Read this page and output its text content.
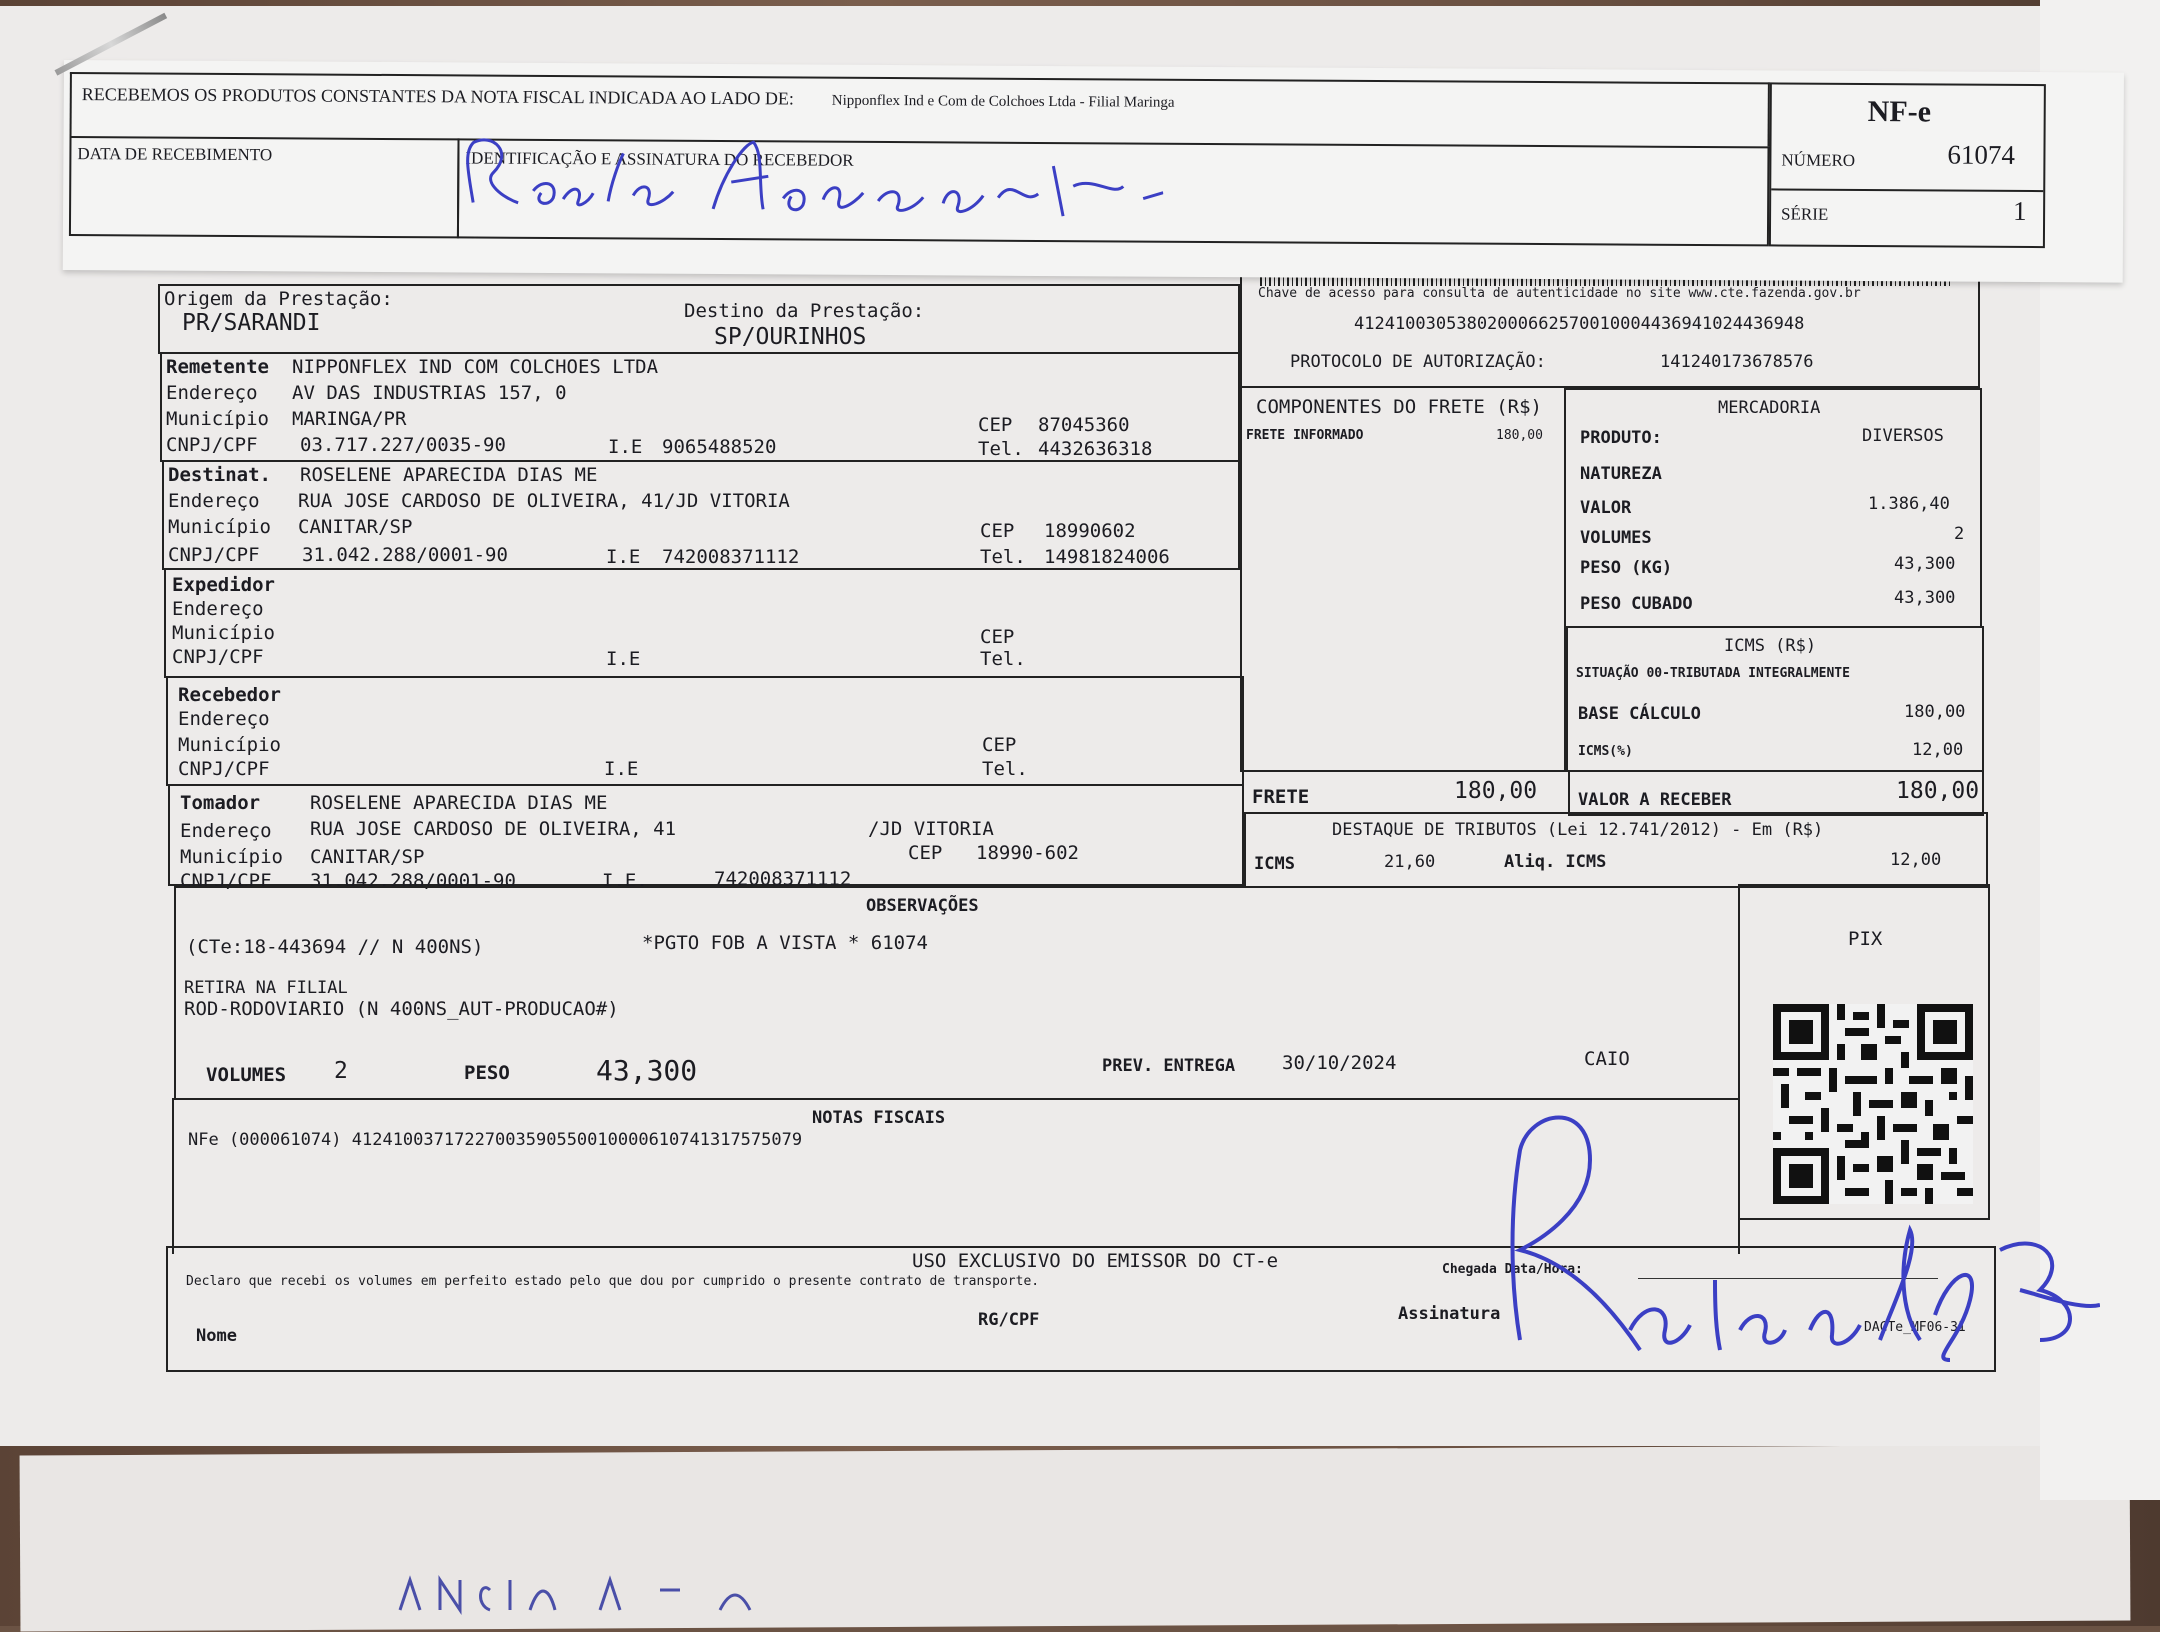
Chave de acesso para consulta de autenticidade no site www.cte.fazenda.gov.br
41241003053802000662570010004436941024436948
PROTOCOLO DE AUTORIZAÇÃO:	141240173678576
Origem da Prestação:
PR/SARANDI	Destino da Prestação:
SP/OURINHOS
Remetente NIPPONFLEX IND COM COLCHOES LTDA
Endereço AV DAS INDUSTRIAS 157, 0
Município MARINGA/PR
CNPJ/CPF 03.717.227/0035-90	I.E 9065488520
CEP 87045360
Tel. 4432636318
Destinat. ROSELENE APARECIDA DIAS ME
Endereço RUA JOSE CARDOSO DE OLIVEIRA, 41/JD VITORIA
Município CANITAR/SP
CNPJ/CPF 31.042.288/0001-90	I.E 742008371112
CEP 18990602
Tel. 14981824006
Expedidor
Endereço
Município
CNPJ/CPF	I.E
CEP
Tel.
Recebedor
Endereço
Município
CNPJ/CPF	I.E
CEP
Tel.
Tomador	ROSELENE APARECIDA DIAS ME
Endereço RUA JOSE CARDOSO DE OLIVEIRA, 41	/JD VITORIA
Município CANITAR/SP	CEP 18990-602
CNPJ/CPF 31.042.288/0001-90	I.E.	742008371112
COMPONENTES DO FRETE (R$)
FRETE INFORMADO	180,00
FRETE	180,00
MERCADORIA
PRODUTO:	DIVERSOS
NATUREZA
VALOR	1.386,40
VOLUMES	2
PESO (KG)	43,300
PESO CUBADO	43,300
ICMS (R$)
SITUAÇÃO 00-TRIBUTADA INTEGRALMENTE
BASE CÁLCULO	180,00
ICMS(%)	12,00
VALOR A RECEBER	180,00
DESTAQUE DE TRIBUTOS (Lei 12.741/2012) - Em (R$)
ICMS	21,60	Aliq. ICMS	12,00
OBSERVAÇÕES
(CTe:18-443694 // N 400NS)	*PGTO FOB A VISTA * 61074
RETIRA NA FILIAL
ROD-RODOVIARIO (N 400NS_AUT-PRODUCAO#)
VOLUMES 2	PESO	43,300	PREV. ENTREGA 30/10/2024	CAIO
PIX
NOTAS FISCAIS
NFe (000061074) 41241003717227003590550010000610741317575079
USO EXCLUSIVO DO EMISSOR DO CT-e
Declaro que recebi os volumes em perfeito estado pelo que dou por cumprido o presente contrato de transporte.
Chegada Data/Hora:
Nome
RG/CPF	Assinatura
DACTe_MF06-31
RECEBEMOS OS PRODUTOS CONSTANTES DA NOTA FISCAL INDICADA AO LADO DE:	Nipponflex Ind e Com de Colchoes Ltda - Filial Maringa
DATA DE RECEBIMENTO	IDENTIFICAÇÃO E ASSINATURA DO RECEBEDOR
NF-e
NÚMERO	61074
SÉRIE	1
